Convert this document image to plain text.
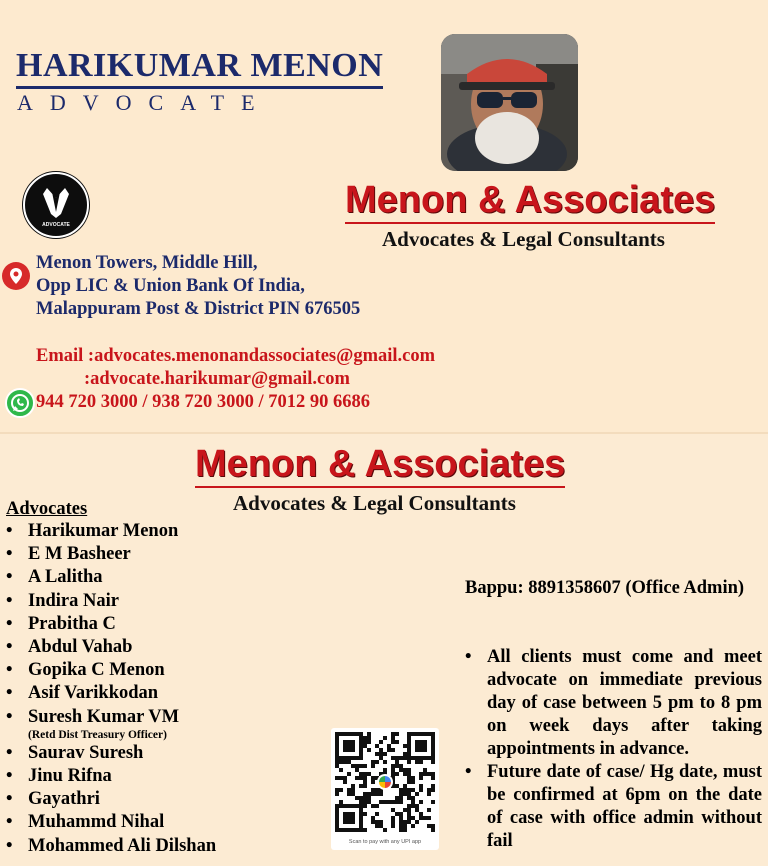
HARIKUMAR MENON
ADVOCATE
ADVOCATE
Menon & Associates
Advocates & Legal Consultants
Menon Towers, Middle Hill,
Opp LIC & Union Bank Of India,
Malappuram Post & District PIN 676505
Email :advocates.menonandassociates@gmail.com
:advocate.harikumar@gmail.com
944 720 3000 / 938 720 3000 / 7012 90 6686
Menon & Associates
Advocates & Legal Consultants
Advocates
• Harikumar Menon
• E M Basheer
• A Lalitha
• Indira Nair
• Prabitha C
• Abdul Vahab
• Gopika C Menon
• Asif Varikkodan
• Suresh Kumar VM
(Retd Dist Treasury Officer)
• Saurav Suresh
• Jinu Rifna
• Gayathri
• Muhammd Nihal
• Mohammed Ali Dilshan
Bappu: 8891358607 (Office Admin)
• All clients must come and meet advocate on immediate previous day of case between 5 pm to 8 pm on week days after taking appointments in advance.
• Future date of case/ Hg date, must be confirmed at 6pm on the date of case with office admin without fail
Scan to pay with any UPI app
